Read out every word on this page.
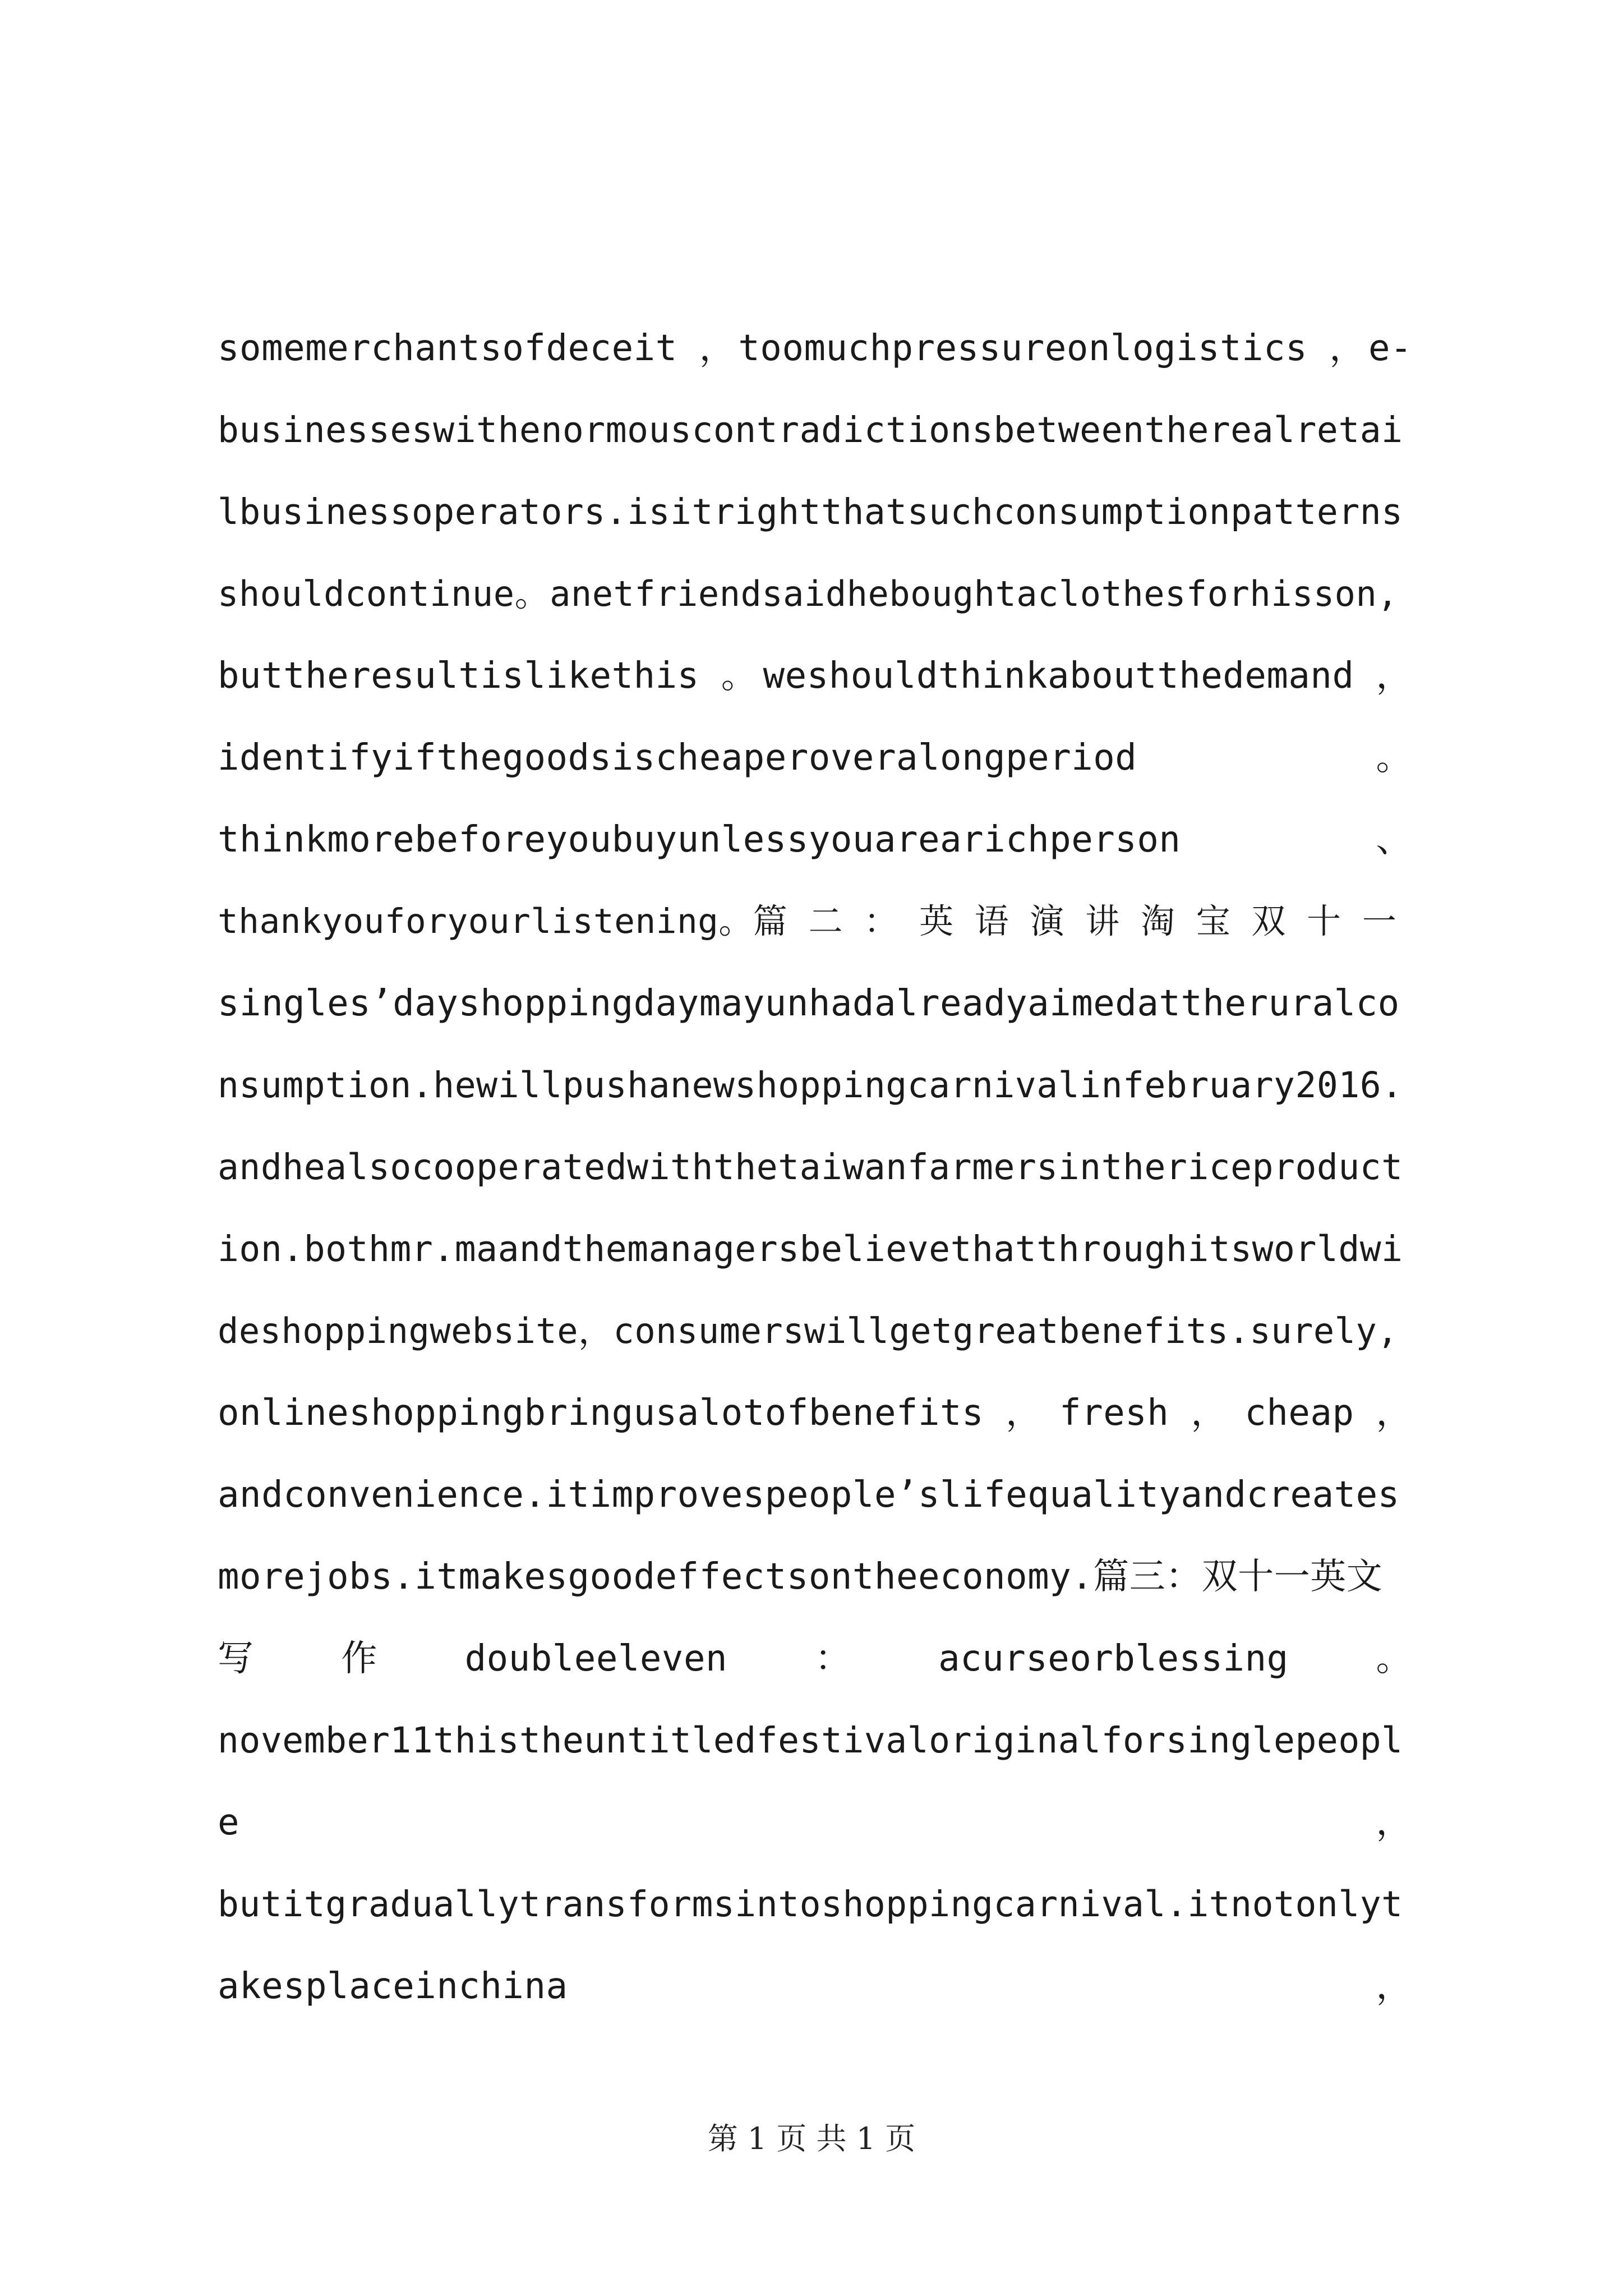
somemerchantsofdeceit ， toomuchpressureonlogistics ， e-
businesseswithenormouscontradictionsbetweentherealretai
lbusinessoperators.isitrightthatsuchconsumptionpatterns
shouldcontinue。anetfriendsaidheboughtaclothesforhisson,
buttheresultislikethis 。 weshouldthinkaboutthedemand ，
identifyifthegoodsischeaperoveralongperiod	。
thinkmorebeforeyoubuyunlessyouarearichperson	、
thankyouforyourlistening。篇 二 ： 英 语 演 讲 淘 宝 双 十 一
singles’dayshoppingdaymayunhadalreadyaimedattheruralco
nsumption.hewillpushanewshoppingcarnivalinfebruary2016.
andhealsocooperatedwiththetaiwanfarmersinthericeproduct
ion.bothmr.maandthemanagersbelievethatthroughitsworldwi
deshoppingwebsite，consumerswillgetgreatbenefits.surely,
onlineshoppingbringusalotofbenefits ， fresh ， cheap ，
andconvenience.itimprovespeople’slifequalityandcreates
morejobs.itmakesgoodeffectsontheeconomy.篇三：双十一英文
写 作 doubleeleven ： acurseorblessing 。
november11thistheuntitledfestivaloriginalforsinglepeopl
e	，
butitgraduallytransformsintoshoppingcarnival.itnotonlyt
akesplaceinchina	，
第 1 页 共 1 页
